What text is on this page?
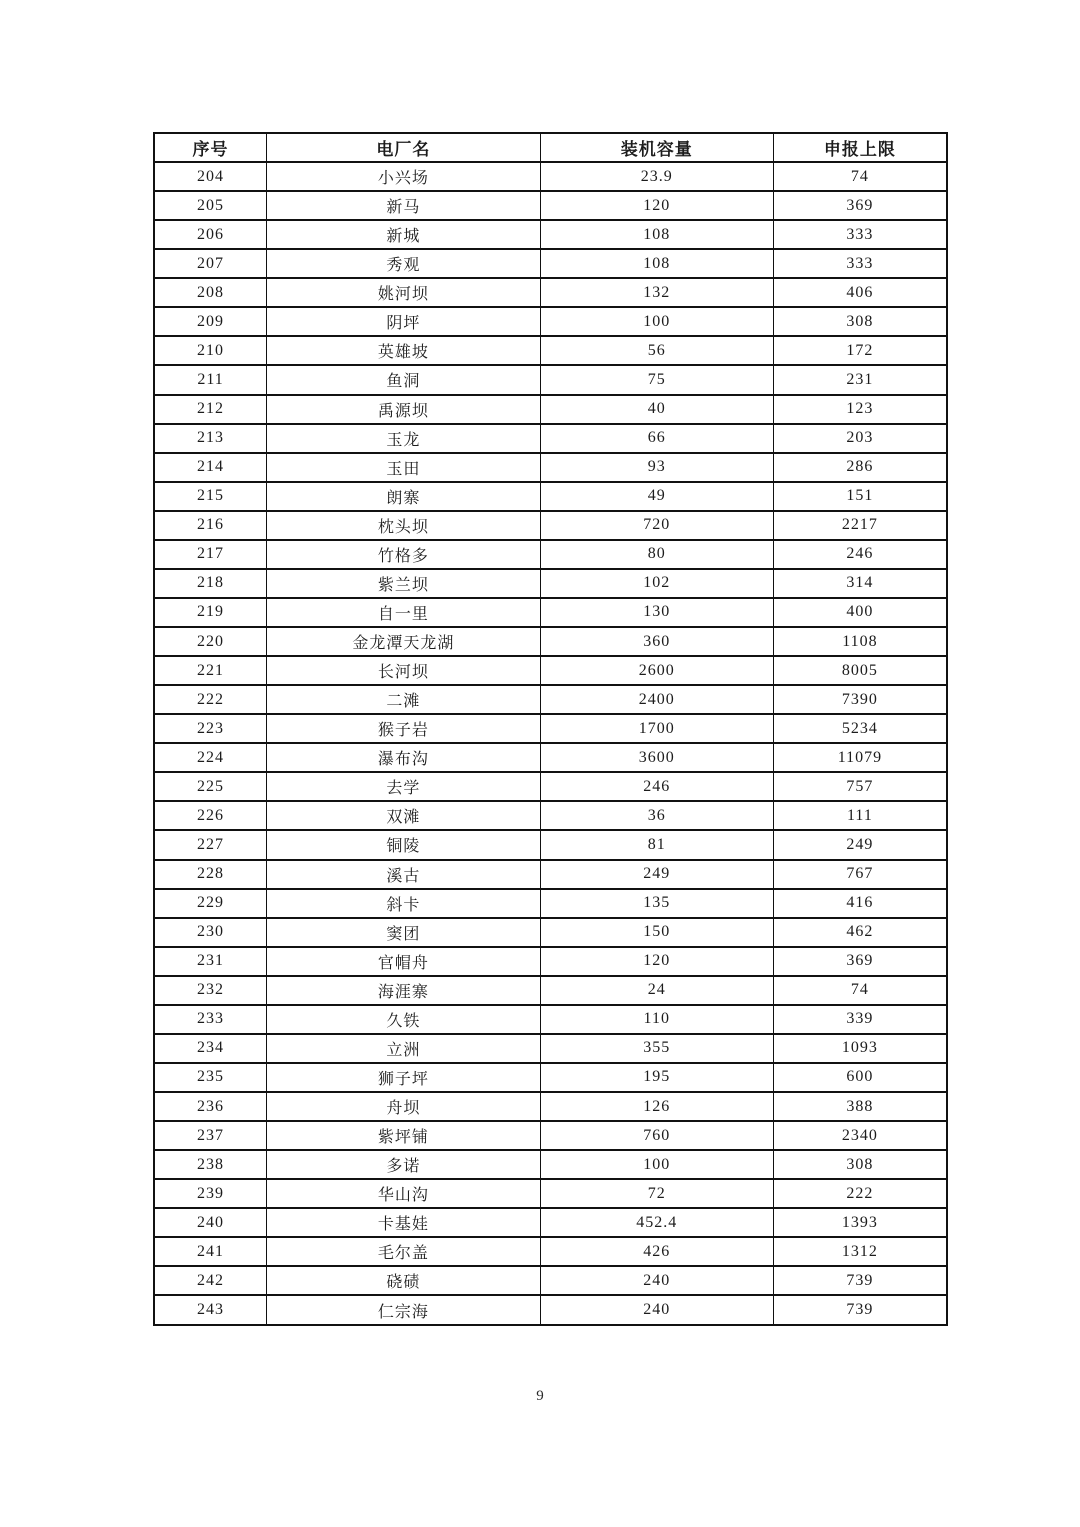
序号	电厂名	装机容量	申报上限
204	小兴场	23.9	74
205	新马	120	369
206	新城	108	333
207	秀观	108	333
208	姚河坝	132	406
209	阴坪	100	308
210	英雄坡	56	172
211	鱼洞	75	231
212	禹源坝	40	123
213	玉龙	66	203
214	玉田	93	286
215	朗寨	49	151
216	枕头坝	720	2217
217	竹格多	80	246
218	紫兰坝	102	314
219	自一里	130	400
220	金龙潭天龙湖	360	1108
221	长河坝	2600	8005
222	二滩	2400	7390
223	猴子岩	1700	5234
224	瀑布沟	3600	11079
225	去学	246	757
226	双滩	36	111
227	铜陵	81	249
228	溪古	249	767
229	斜卡	135	416
230	窦团	150	462
231	官帽舟	120	369
232	海涯寨	24	74
233	久铁	110	339
234	立洲	355	1093
235	狮子坪	195	600
236	舟坝	126	388
237	紫坪铺	760	2340
238	多诺	100	308
239	华山沟	72	222
240	卡基娃	452.4	1393
241	毛尔盖	426	1312
242	硗碛	240	739
243	仁宗海	240	739
9
